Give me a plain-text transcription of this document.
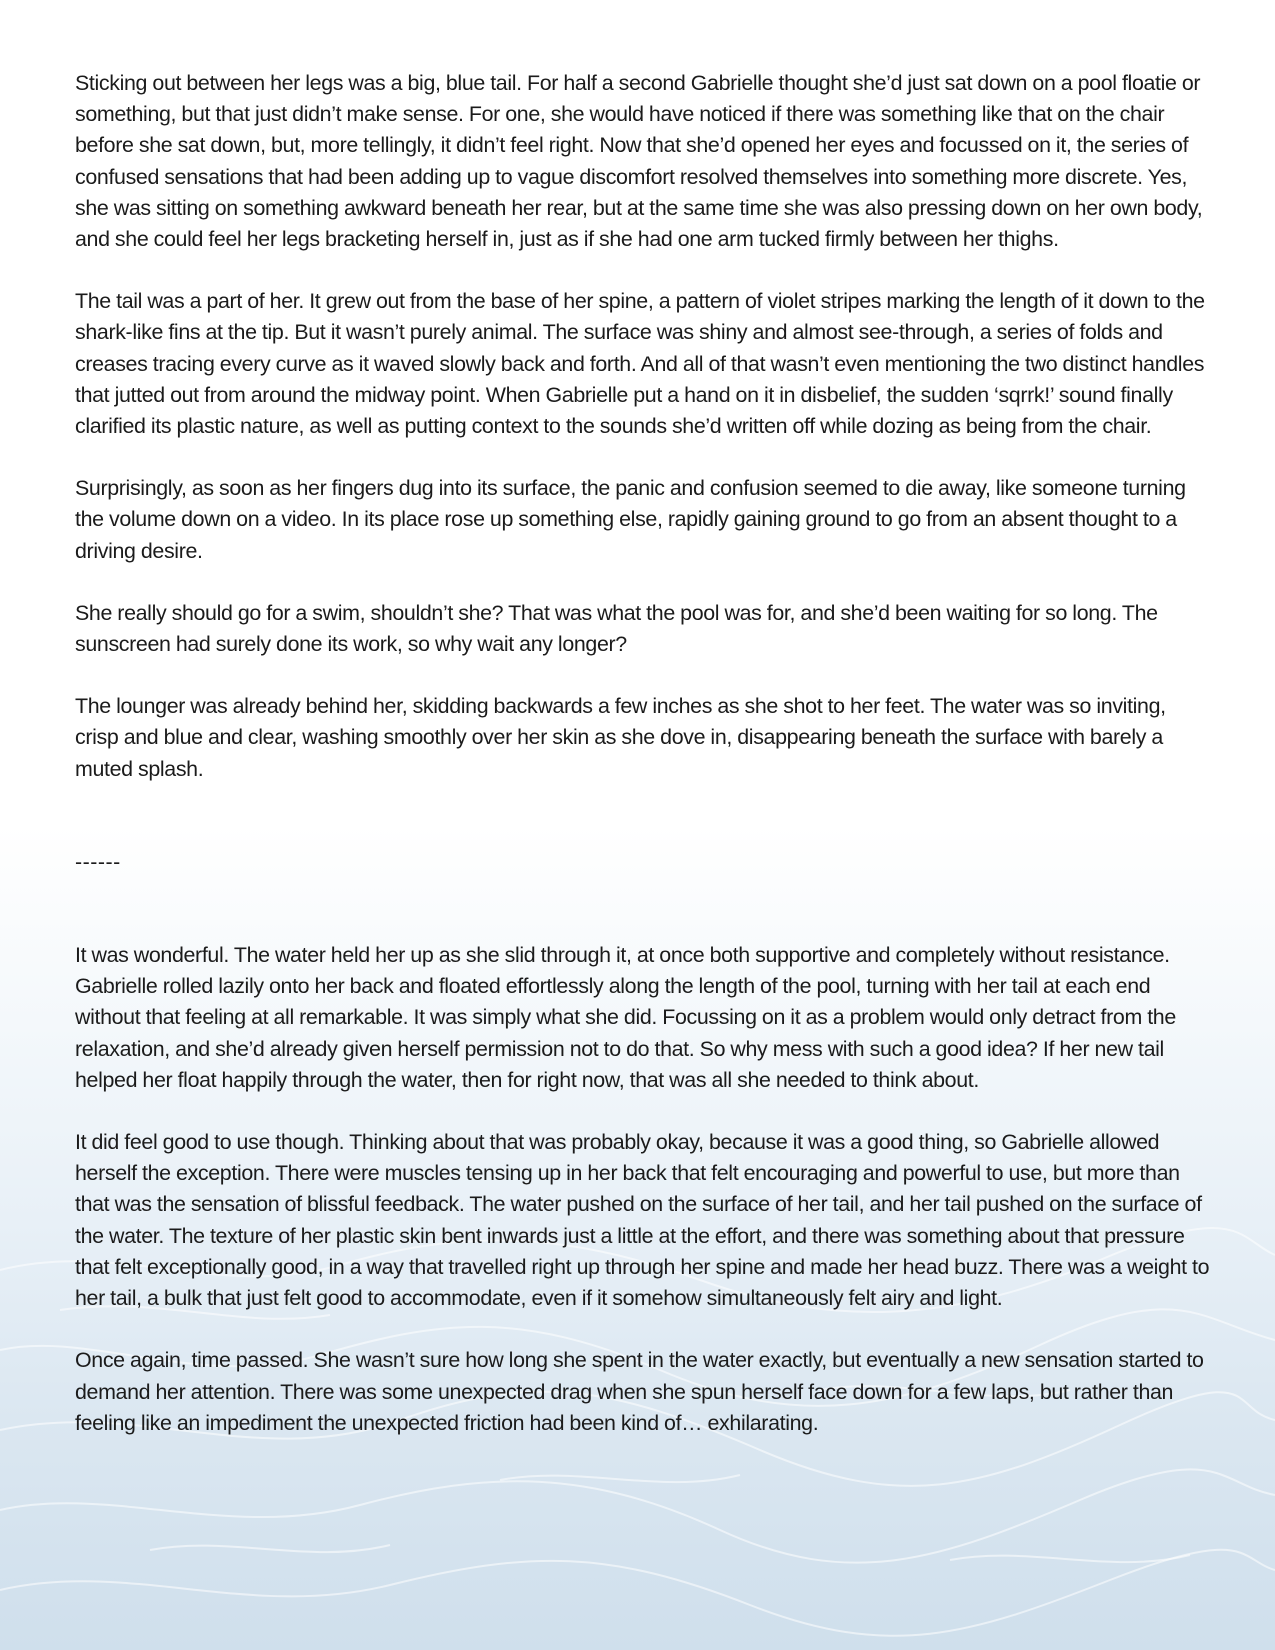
Sticking out between her legs was a big, blue tail. For half a second Gabrielle thought she’d just sat down on a pool floatie or something, but that just didn’t make sense. For one, she would have noticed if there was something like that on the chair before she sat down, but, more tellingly, it didn’t feel right. Now that she’d opened her eyes and focussed on it, the series of confused sensations that had been adding up to vague discomfort resolved themselves into something more discrete. Yes, she was sitting on something awkward beneath her rear, but at the same time she was also pressing down on her own body, and she could feel her legs bracketing herself in, just as if she had one arm tucked firmly between her thighs.

The tail was a part of her. It grew out from the base of her spine, a pattern of violet stripes marking the length of it down to the shark-like fins at the tip. But it wasn’t purely animal. The surface was shiny and almost see-through, a series of folds and creases tracing every curve as it waved slowly back and forth. And all of that wasn’t even mentioning the two distinct handles that jutted out from around the midway point. When Gabrielle put a hand on it in disbelief, the sudden ‘sqrrk!’ sound finally clarified its plastic nature, as well as putting context to the sounds she’d written off while dozing as being from the chair.

Surprisingly, as soon as her fingers dug into its surface, the panic and confusion seemed to die away, like someone turning the volume down on a video. In its place rose up something else, rapidly gaining ground to go from an absent thought to a driving desire.

She really should go for a swim, shouldn’t she? That was what the pool was for, and she’d been waiting for so long. The sunscreen had surely done its work, so why wait any longer?

The lounger was already behind her, skidding backwards a few inches as she shot to her feet. The water was so inviting, crisp and blue and clear, washing smoothly over her skin as she dove in, disappearing beneath the surface with barely a muted splash.

------

It was wonderful. The water held her up as she slid through it, at once both supportive and completely without resistance. Gabrielle rolled lazily onto her back and floated effortlessly along the length of the pool, turning with her tail at each end without that feeling at all remarkable. It was simply what she did. Focussing on it as a problem would only detract from the relaxation, and she’d already given herself permission not to do that. So why mess with such a good idea? If her new tail helped her float happily through the water, then for right now, that was all she needed to think about.

It did feel good to use though. Thinking about that was probably okay, because it was a good thing, so Gabrielle allowed herself the exception. There were muscles tensing up in her back that felt encouraging and powerful to use, but more than that was the sensation of blissful feedback. The water pushed on the surface of her tail, and her tail pushed on the surface of the water. The texture of her plastic skin bent inwards just a little at the effort, and there was something about that pressure that felt exceptionally good, in a way that travelled right up through her spine and made her head buzz. There was a weight to her tail, a bulk that just felt good to accommodate, even if it somehow simultaneously felt airy and light.

Once again, time passed. She wasn’t sure how long she spent in the water exactly, but eventually a new sensation started to demand her attention. There was some unexpected drag when she spun herself face down for a few laps, but rather than feeling like an impediment the unexpected friction had been kind of… exhilarating.
